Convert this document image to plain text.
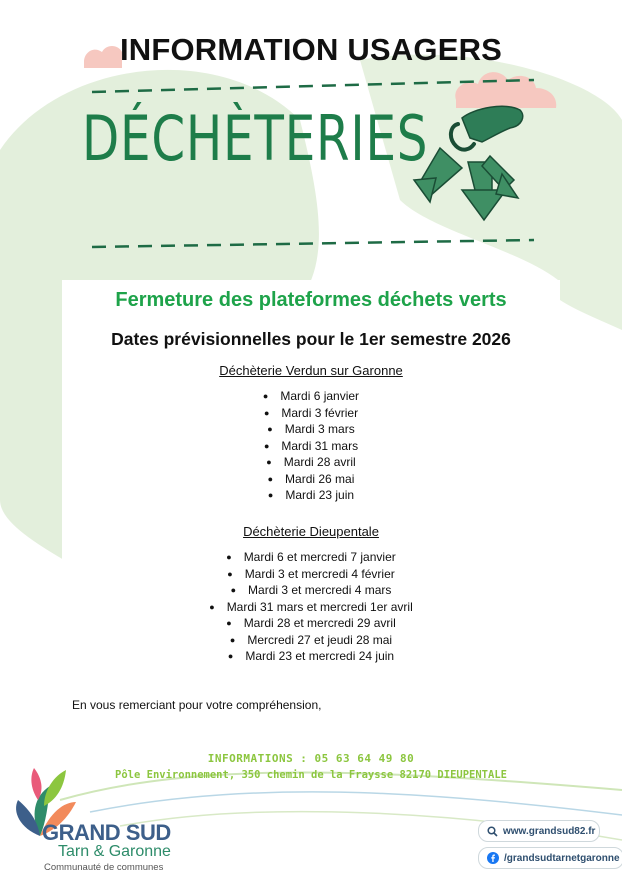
INFORMATION USAGERS
DÉCHÈTERIES
Fermeture des plateformes déchets verts
Dates prévisionnelles pour le 1er semestre 2026
Déchèterie Verdun sur Garonne
● Mardi 6 janvier
● Mardi 3 février
● Mardi 3 mars
● Mardi 31 mars
● Mardi 28 avril
● Mardi 26 mai
● Mardi 23 juin
Déchèterie Dieupentale
● Mardi 6 et mercredi 7 janvier
● Mardi 3 et mercredi 4 février
● Mardi 3 et mercredi 4 mars
● Mardi 31 mars et mercredi 1er avril
● Mardi 28 et mercredi 29 avril
● Mercredi 27 et jeudi 28 mai
● Mardi 23 et mercredi 24 juin
En vous remerciant pour votre compréhension,
INFORMATIONS : 05 63 64 49 80
Pôle Environnement, 350 chemin de la Fraysse 82170 DIEUPENTALE
GRAND SUD
Tarn & Garonne
Communauté de communes
www.grandsud82.fr
/grandsudtarnetgaronne
